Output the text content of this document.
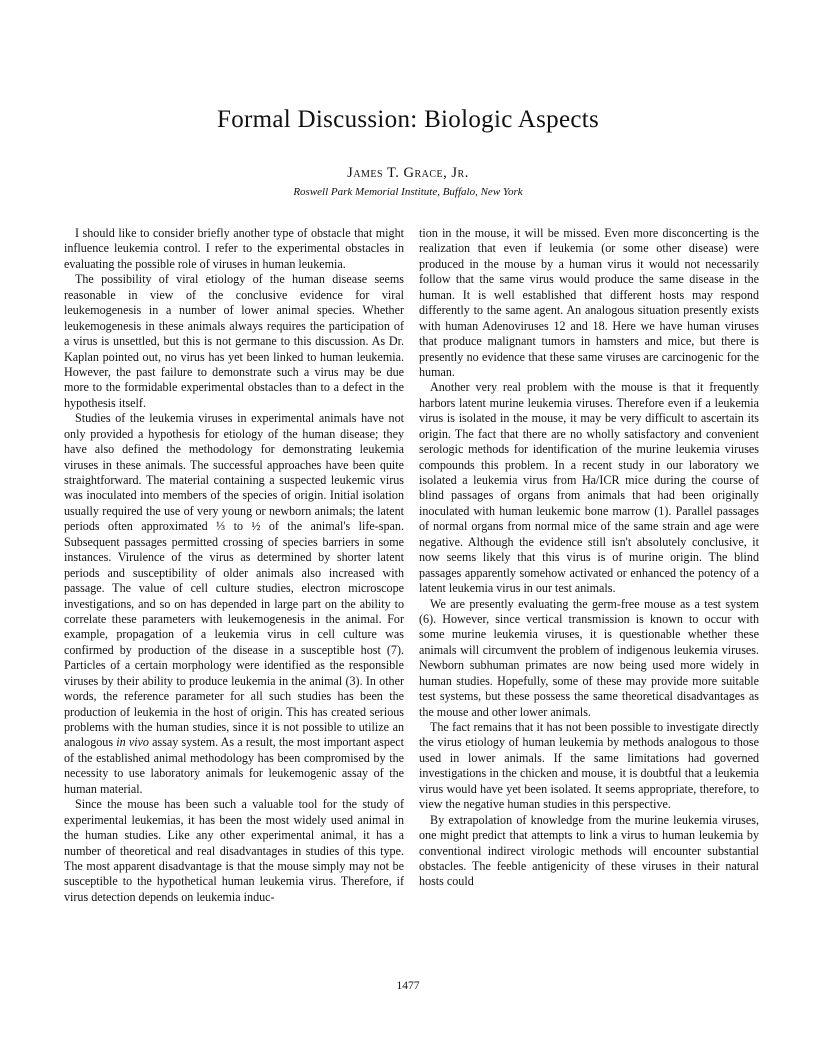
Formal Discussion: Biologic Aspects
James T. Grace, Jr.
Roswell Park Memorial Institute, Buffalo, New York

I should like to consider briefly another type of obstacle that might influence leukemia control. I refer to the experimental obstacles in evaluating the possible role of viruses in human leukemia.

The possibility of viral etiology of the human disease seems reasonable in view of the conclusive evidence for viral leukemogenesis in a number of lower animal species. Whether leukemogenesis in these animals always requires the participation of a virus is unsettled, but this is not germane to this discussion. As Dr. Kaplan pointed out, no virus has yet been linked to human leukemia. However, the past failure to demonstrate such a virus may be due more to the formidable experimental obstacles than to a defect in the hypothesis itself.

Studies of the leukemia viruses in experimental animals have not only provided a hypothesis for etiology of the human disease; they have also defined the methodology for demonstrating leukemia viruses in these animals. The successful approaches have been quite straightforward. The material containing a suspected leukemic virus was inoculated into members of the species of origin. Initial isolation usually required the use of very young or newborn animals; the latent periods often approximated ⅓ to ½ of the animal's life-span. Subsequent passages permitted crossing of species barriers in some instances. Virulence of the virus as determined by shorter latent periods and susceptibility of older animals also increased with passage. The value of cell culture studies, electron microscope investigations, and so on has depended in large part on the ability to correlate these parameters with leukemogenesis in the animal. For example, propagation of a leukemia virus in cell culture was confirmed by production of the disease in a susceptible host (7). Particles of a certain morphology were identified as the responsible viruses by their ability to produce leukemia in the animal (3). In other words, the reference parameter for all such studies has been the production of leukemia in the host of origin. This has created serious problems with the human studies, since it is not possible to utilize an analogous in vivo assay system. As a result, the most important aspect of the established animal methodology has been compromised by the necessity to use laboratory animals for leukemogenic assay of the human material.

Since the mouse has been such a valuable tool for the study of experimental leukemias, it has been the most widely used animal in the human studies. Like any other experimental animal, it has a number of theoretical and real disadvantages in studies of this type. The most apparent disadvantage is that the mouse simply may not be susceptible to the hypothetical human leukemia virus. Therefore, if virus detection depends on leukemia induc-

tion in the mouse, it will be missed. Even more disconcerting is the realization that even if leukemia (or some other disease) were produced in the mouse by a human virus it would not necessarily follow that the same virus would produce the same disease in the human. It is well established that different hosts may respond differently to the same agent. An analogous situation presently exists with human Adenoviruses 12 and 18. Here we have human viruses that produce malignant tumors in hamsters and mice, but there is presently no evidence that these same viruses are carcinogenic for the human.

Another very real problem with the mouse is that it frequently harbors latent murine leukemia viruses. Therefore even if a leukemia virus is isolated in the mouse, it may be very difficult to ascertain its origin. The fact that there are no wholly satisfactory and convenient serologic methods for identification of the murine leukemia viruses compounds this problem. In a recent study in our laboratory we isolated a leukemia virus from Ha/ICR mice during the course of blind passages of organs from animals that had been originally inoculated with human leukemic bone marrow (1). Parallel passages of normal organs from normal mice of the same strain and age were negative. Although the evidence still isn't absolutely conclusive, it now seems likely that this virus is of murine origin. The blind passages apparently somehow activated or enhanced the potency of a latent leukemia virus in our test animals.

We are presently evaluating the germ-free mouse as a test system (6). However, since vertical transmission is known to occur with some murine leukemia viruses, it is questionable whether these animals will circumvent the problem of indigenous leukemia viruses. Newborn subhuman primates are now being used more widely in human studies. Hopefully, some of these may provide more suitable test systems, but these possess the same theoretical disadvantages as the mouse and other lower animals.

The fact remains that it has not been possible to investigate directly the virus etiology of human leukemia by methods analogous to those used in lower animals. If the same limitations had governed investigations in the chicken and mouse, it is doubtful that a leukemia virus would have yet been isolated. It seems appropriate, therefore, to view the negative human studies in this perspective.

By extrapolation of knowledge from the murine leukemia viruses, one might predict that attempts to link a virus to human leukemia by conventional indirect virologic methods will encounter substantial obstacles. The feeble antigenicity of these viruses in their natural hosts could

1477
